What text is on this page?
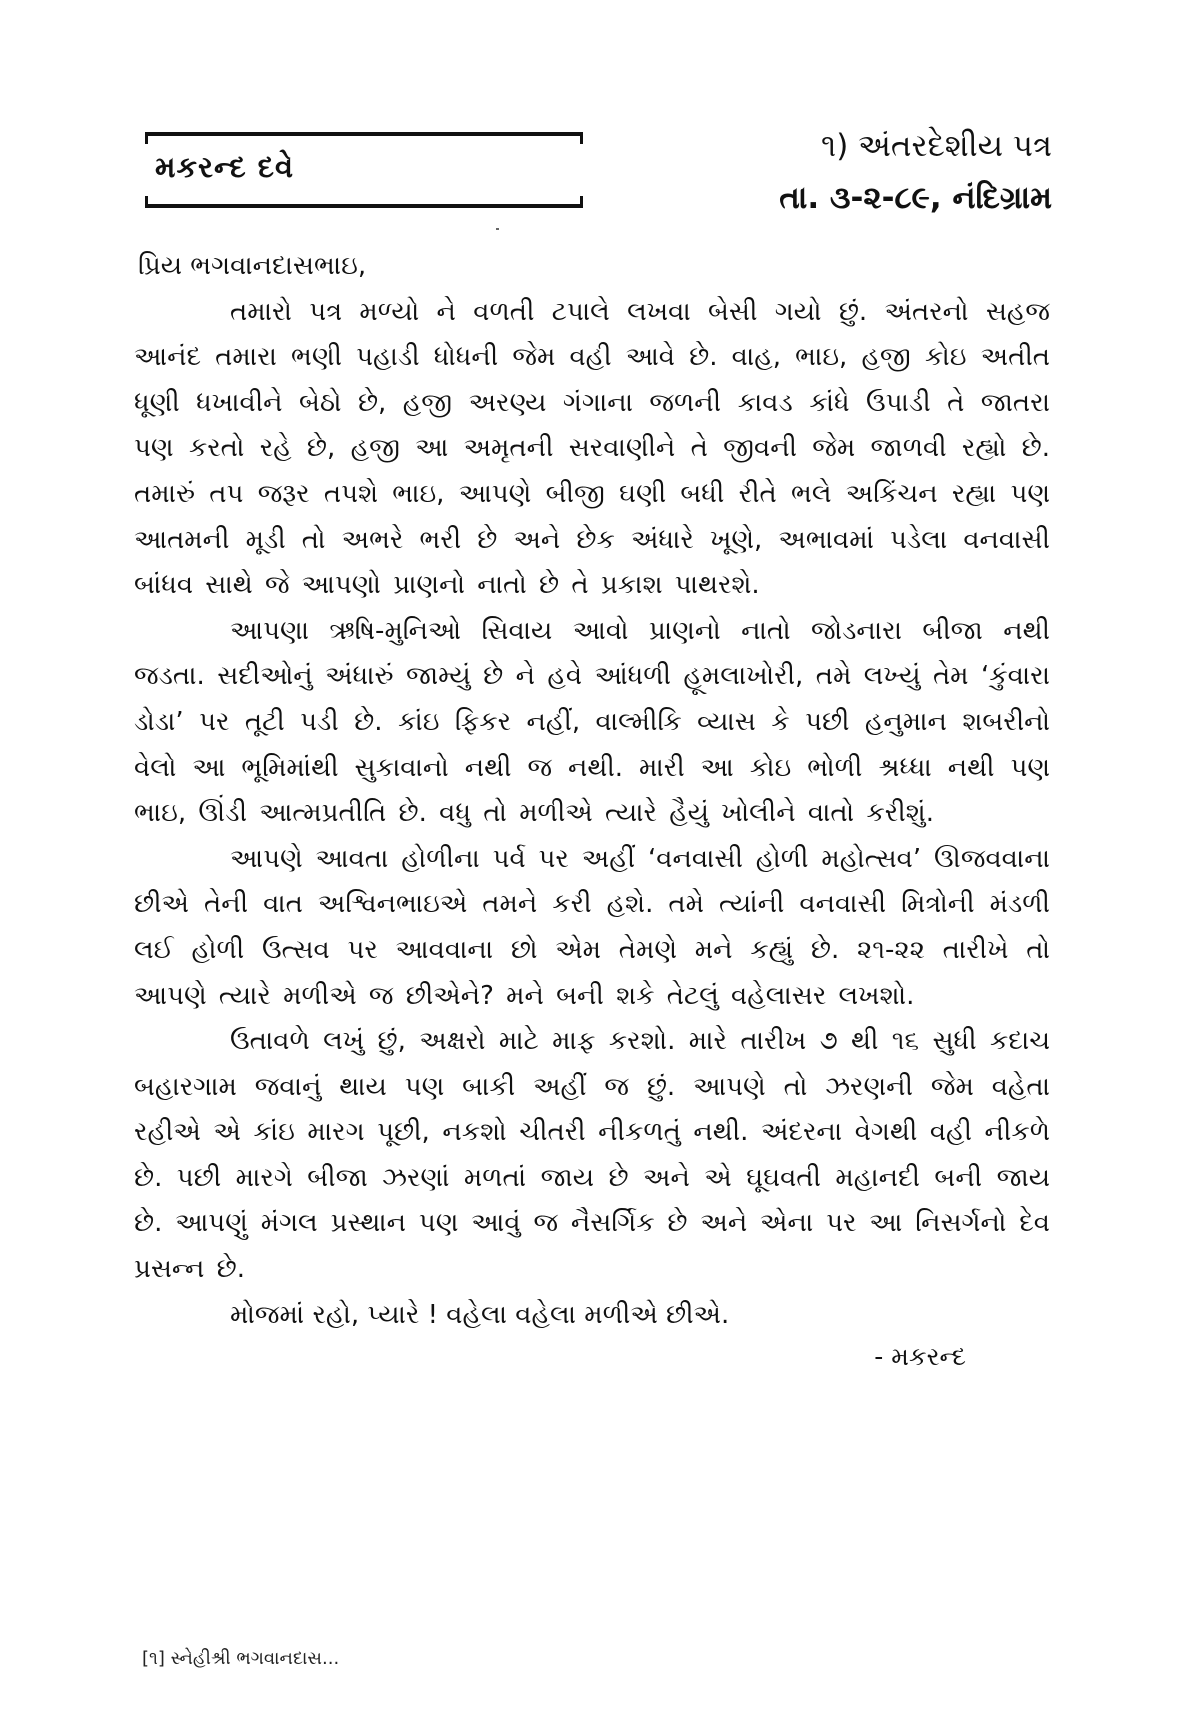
મકરન્દ દવે
૧) અંતરદેશીય પત્ર
તા. ૩-૨-૮૯, નંદિગ્રામ

પ્રિય ભગવાનદાસભાઇ,

તમારો પત્ર મળ્યો ને વળતી ટપાલે લખવા બેસી ગયો છું. અંતરનો સહજ આનંદ તમારા ભણી પહાડી ધોધની જેમ વહી આવે છે. વાહ, ભાઇ, હજી કોઇ અતીત ધૂણી ધખાવીને બેઠો છે, હજી અરણ્ય ગંગાના જળની કાવડ કાંધે ઉપાડી તે જાતરા પણ કરતો રહે છે, હજી આ અમૃતની સરવાણીને તે જીવની જેમ જાળવી રહ્યો છે. તમારું તપ જરૂર તપશે ભાઇ, આપણે બીજી ઘણી બધી રીતે ભલે અકિંચન રહ્યા પણ આતમની મૂડી તો અભરે ભરી છે અને છેક અંધારે ખૂણે, અભાવમાં પડેલા વનવાસી બાંધવ સાથે જે આપણો પ્રાણનો નાતો છે તે પ્રકાશ પાથરશે.

આપણા ઋષિ-મુનિઓ સિવાય આવો પ્રાણનો નાતો જોડનારા બીજા નથી જડતા. સદીઓનું અંધારું જામ્યું છે ને હવે આંધળી હૂમલાખોરી, તમે લખ્યું તેમ ‘કુંવારા ડોડા’ પર તૂટી પડી છે. કાંઇ ફિકર નહીં, વાલ્મીકિ વ્યાસ કે પછી હનુમાન શબરીનો વેલો આ ભૂમિમાંથી સુકાવાનો નથી જ નથી. મારી આ કોઇ ભોળી શ્રધ્ધા નથી પણ ભાઇ, ઊંડી આત્મપ્રતીતિ છે. વધુ તો મળીએ ત્યારે હૈયું ખોલીને વાતો કરીશું.

આપણે આવતા હોળીના પર્વ પર અહીં ‘વનવાસી હોળી મહોત્સવ’ ઊજવવાના છીએ તેની વાત અશ્વિનભાઇએ તમને કરી હશે. તમે ત્યાંની વનવાસી મિત્રોની મંડળી લઈ હોળી ઉત્સવ પર આવવાના છો એમ તેમણે મને કહ્યું છે. ૨૧-૨૨ તારીખે તો આપણે ત્યારે મળીએ જ છીએને? મને બની શકે તેટલું વહેલાસર લખશો.

ઉતાવળે લખું છું, અક્ષરો માટે માફ કરશો. મારે તારીખ ૭ થી ૧૬ સુધી કદાચ બહારગામ જવાનું થાય પણ બાકી અહીં જ છું. આપણે તો ઝરણની જેમ વહેતા રહીએ એ કાંઇ મારગ પૂછી, નકશો ચીતરી નીકળતું નથી. અંદરના વેગથી વહી નીકળે છે. પછી મારગે બીજા ઝરણાં મળતાં જાય છે અને એ ઘૂઘવતી મહાનદી બની જાય છે. આપણું મંગલ પ્રસ્થાન પણ આવું જ નૈસર્ગિક છે અને એના પર આ નિસર્ગનો દેવ પ્રસન્ન છે.

મોજમાં રહો, પ્યારે ! વહેલા વહેલા મળીએ છીએ.

- મકરન્દ
[૧] સ્નેહીશ્રી ભગવાનદાસ...
